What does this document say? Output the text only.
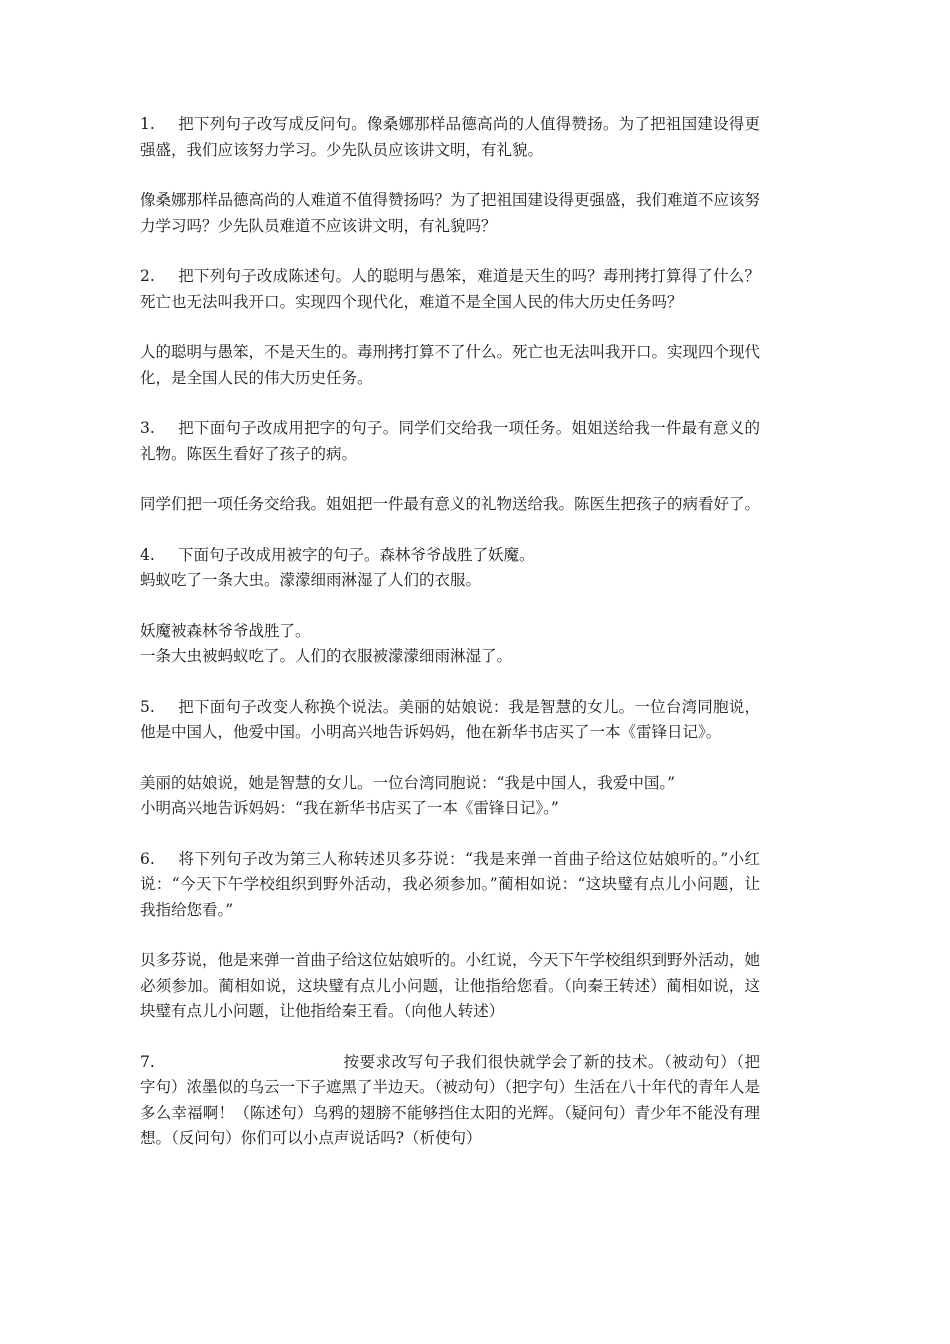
1. 把下列句子改写成反问句。像桑娜那样品德高尚的人值得赞扬。为了把祖国建设得更强盛，我们应该努力学习。少先队员应该讲文明，有礼貌。

像桑娜那样品德高尚的人难道不值得赞扬吗？为了把祖国建设得更强盛，我们难道不应该努力学习吗？少先队员难道不应该讲文明，有礼貌吗？

2. 把下列句子改成陈述句。人的聪明与愚笨，难道是天生的吗？毒刑拷打算得了什么？死亡也无法叫我开口。实现四个现代化，难道不是全国人民的伟大历史任务吗？

人的聪明与愚笨，不是天生的。毒刑拷打算不了什么。死亡也无法叫我开口。实现四个现代化，是全国人民的伟大历史任务。

3. 把下面句子改成用把字的句子。同学们交给我一项任务。姐姐送给我一件最有意义的礼物。陈医生看好了孩子的病。

同学们把一项任务交给我。姐姐把一件最有意义的礼物送给我。陈医生把孩子的病看好了。

4. 下面句子改成用被字的句子。森林爷爷战胜了妖魔。
蚂蚁吃了一条大虫。濛濛细雨淋湿了人们的衣服。

妖魔被森林爷爷战胜了。
一条大虫被蚂蚁吃了。人们的衣服被濛濛细雨淋湿了。

5. 把下面句子改变人称换个说法。美丽的姑娘说：我是智慧的女儿。一位台湾同胞说，他是中国人，他爱中国。小明高兴地告诉妈妈，他在新华书店买了一本《雷锋日记》。

美丽的姑娘说，她是智慧的女儿。一位台湾同胞说：“我是中国人，我爱中国。”
小明高兴地告诉妈妈：“我在新华书店买了一本《雷锋日记》。”

6. 将下列句子改为第三人称转述贝多芬说：“我是来弹一首曲子给这位姑娘听的。”小红说：“今天下午学校组织到野外活动，我必须参加。”蔺相如说：“这块璧有点儿小问题，让我指给您看。”

贝多芬说，他是来弹一首曲子给这位姑娘听的。小红说，今天下午学校组织到野外活动，她必须参加。蔺相如说，这块璧有点儿小问题，让他指给您看。（向秦王转述）蔺相如说，这块璧有点儿小问题，让他指给秦王看。（向他人转述）

7.	按要求改写句子我们很快就学会了新的技术。（被动句）（把字句）浓墨似的乌云一下子遮黑了半边天。（被动句）（把字句）生活在八十年代的青年人是多么幸福啊！（陈述句）乌鸦的翅膀不能够挡住太阳的光辉。（疑问句）青少年不能没有理想。（反问句）你们可以小点声说话吗?（析使句）
